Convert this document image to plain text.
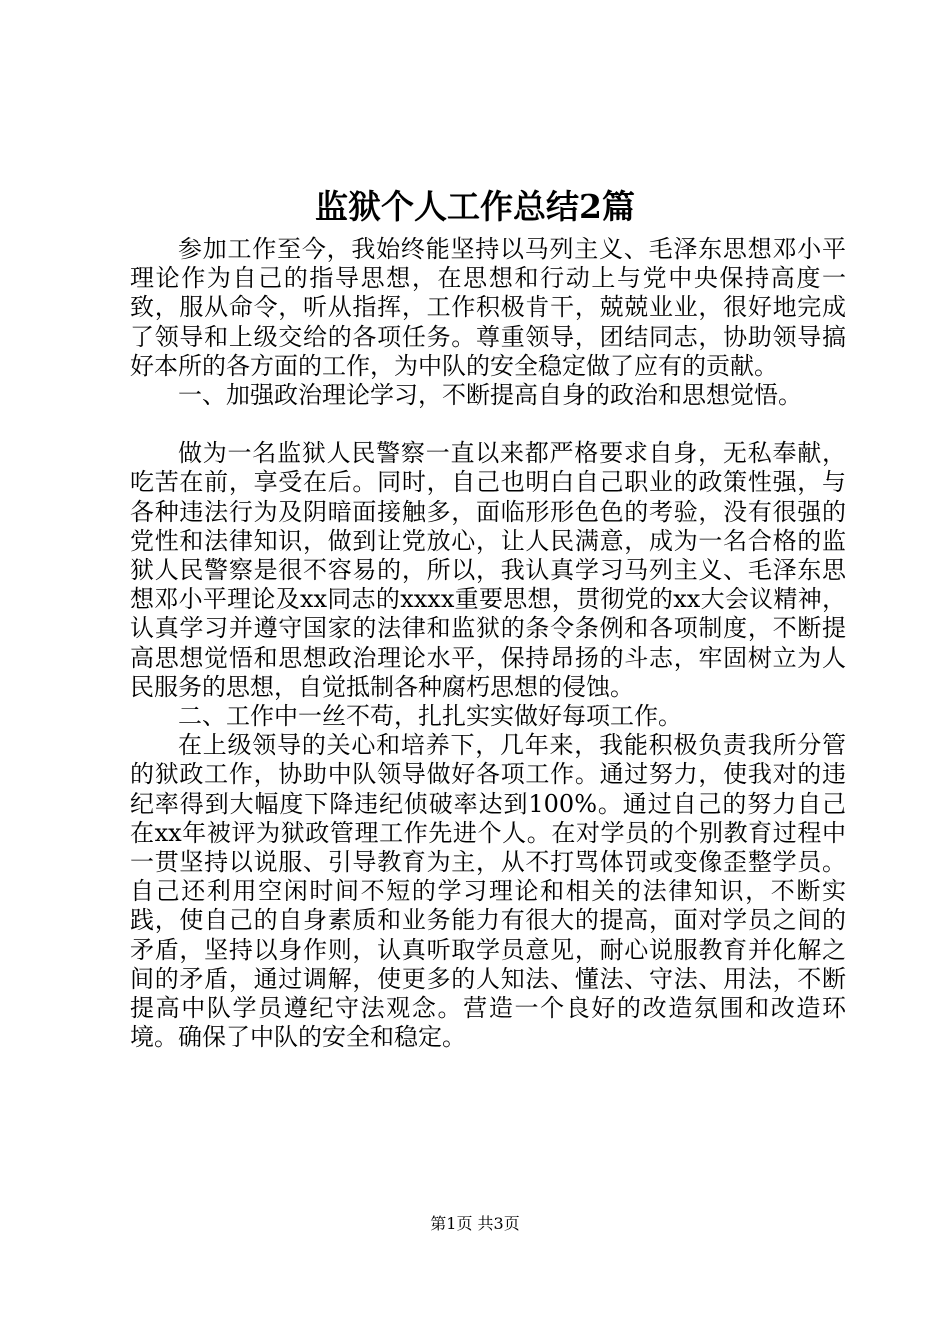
监狱个人工作总结2篇

参加工作至今，我始终能坚持以马列主义、毛泽东思想邓小平理论作为自己的指导思想，在思想和行动上与党中央保持高度一致，服从命令，听从指挥，工作积极肯干，兢兢业业，很好地完成了领导和上级交给的各项任务。尊重领导，团结同志，协助领导搞好本所的各方面的工作，为中队的安全稳定做了应有的贡献。

一、加强政治理论学习，不断提高自身的政治和思想觉悟。

做为一名监狱人民警察一直以来都严格要求自身，无私奉献，吃苦在前，享受在后。同时，自己也明白自己职业的政策性强，与各种违法行为及阴暗面接触多，面临形形色色的考验，没有很强的党性和法律知识，做到让党放心，让人民满意，成为一名合格的监狱人民警察是很不容易的，所以，我认真学习马列主义、毛泽东思想邓小平理论及xx同志的xxxx重要思想，贯彻党的xx大会议精神，认真学习并遵守国家的法律和监狱的条令条例和各项制度，不断提高思想觉悟和思想政治理论水平，保持昂扬的斗志，牢固树立为人民服务的思想，自觉抵制各种腐朽思想的侵蚀。

二、工作中一丝不苟，扎扎实实做好每项工作。

在上级领导的关心和培养下，几年来，我能积极负责我所分管的狱政工作，协助中队领导做好各项工作。通过努力，使我对的违纪率得到大幅度下降违纪侦破率达到100%。通过自己的努力自己在xx年被评为狱政管理工作先进个人。在对学员的个别教育过程中一贯坚持以说服、引导教育为主，从不打骂体罚或变像歪整学员。自己还利用空闲时间不短的学习理论和相关的法律知识，不断实践，使自己的自身素质和业务能力有很大的提高，面对学员之间的矛盾，坚持以身作则，认真听取学员意见，耐心说服教育并化解之间的矛盾，通过调解，使更多的人知法、懂法、守法、用法，不断提高中队学员遵纪守法观念。营造一个良好的改造氛围和改造环境。确保了中队的安全和稳定。

第1页 共3页
